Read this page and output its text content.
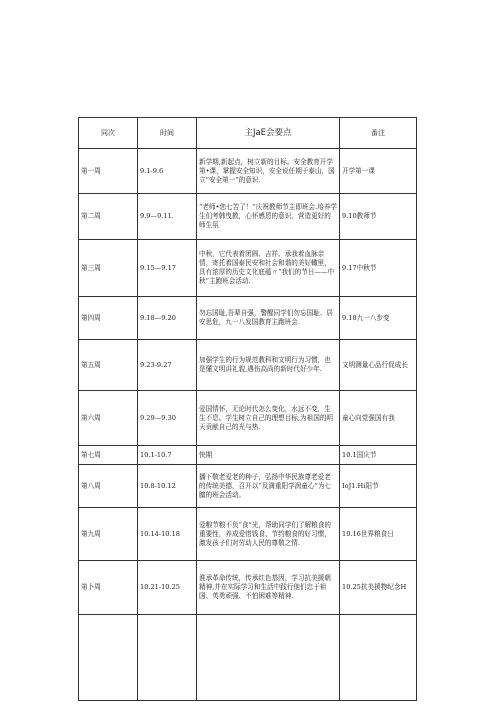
同次	时间	主JaE会要点	番注
第一周	9.1-9.6	新学期,新起点，树立新的目标。安全教育开学第•课，掌握安全知识，安全说任期于泰山，国立“安全第一”的意识.	开学第一课
第二周	9.9—9.11.	“老师•您七苦了！“庆祝教师节主即班会.培养学生们考韩曳教，心怀感恩的意识，营造更好的师生氛	9.10教师节
第三周	9.15—9.17	中秋，它代表着团圆、吉祥、承我着血脉亲情，寄托着国泰民安和社会和谐的美好輙里，具有浓厚的历史文化底蕴〃“我们的节日——中秋”主跑班会活动.	9.17中秋节
第四周	9.18—9.20	勿忘国耻,吾辈自强，警醒同学们勿忘国耻、居安思危，九一八发国教育主跑班会.	9.18九一八步变
第五周	9.23-9.27	加强学生的行为规范教科和文明行为习惯，也是懂文明讲礼貌,遇伤高尚的新时代好少年.	文明测量心品行促成长
第六周	9.29—9.30	爱国情怀，无论时代怎么变化，水远不变，生生不息。学生树立自己的理想目标,为祖国的明天贡献自己的光与热.	童心向党强国有我
第七周	10.1-10.7	快期	10.1国庆节
第八周	10.8-10.12	播下敬老爱老的种子，弘扬中华民族尊老爱老的传统美德，召开以“及満重阳学润童心”为七膻的班会活动。	IoJ1.Hi阳节
第九周	10.14-10.18	爱粮节粮不负“食”光，帮助同学们了解粮食的重要性，养成爱惜钱食、节约粮食的好习惯，激发孩子们对劳动人民的尊敬之情.	10.16世界粮食日
第卜周	10.21-10.25	淮承革命传统，传承红色基因，学习抗美援朝精神,并在实际学习和生活中践行他们忠于祖国、英勇顽强、不怕困难等精神.	10.25抗美援物纪念H
